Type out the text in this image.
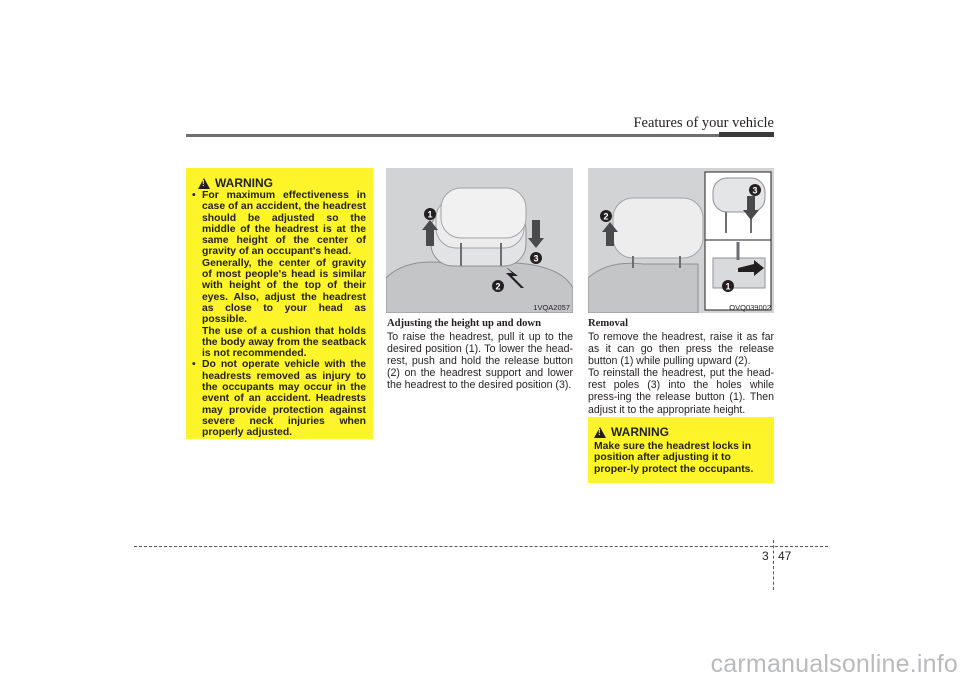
Features of your vehicle
!
WARNING

• For maximum effectiveness in case of an accident, the headrest should be adjusted so the middle of the headrest is at the same height of the center of gravity of an occupant's head.

Generally, the center of gravity of most people's head is similar with height of the top of their eyes. Also, adjust the headrest as close to your head as possible.

The use of a cushion that holds the body away from the seatback is not recommended.

• Do not operate vehicle with the headrests removed as injury to the occupants may occur in the event of an accident. Headrests may provide protection against severe neck injuries when properly adjusted.

1
2
3
1VQA2057
2
3
1
OVQ039002
Adjusting the height up and down

To raise the headrest, pull it up to the desired position (1). To lower the head-rest, push and hold the release button (2) on the headrest support and lower the headrest to the desired position (3).

Removal

To remove the headrest, raise it as far as it can go then press the release button (1) while pulling upward (2).

To reinstall the headrest, put the head-rest poles (3) into the holes while press-ing the release button (1). Then adjust it to the appropriate height.

!
WARNING

Make sure the headrest locks in position after adjusting it to proper-ly protect the occupants.

3 47
carmanualsonline.info
